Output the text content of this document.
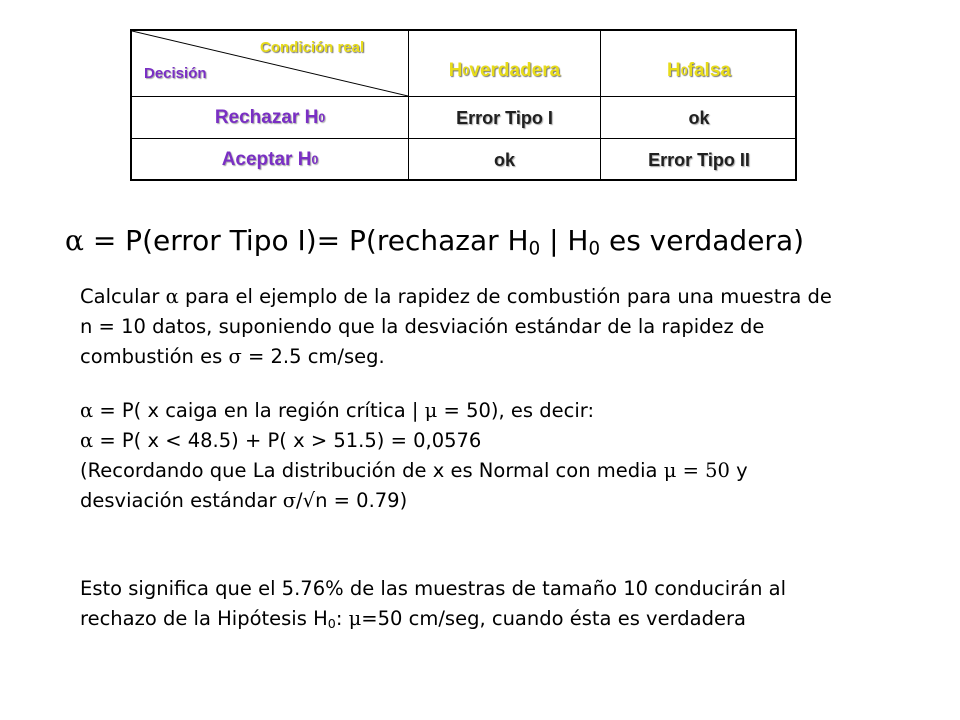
Condición real
Decisión	H 0 verdadera	H 0 falsa
Rechazar H 0	Error Tipo I	ok
Aceptar H 0	ok	Error Tipo II
α = P(error Tipo I)= P(rechazar $H_0$ | $H_0$ es verdadera)
Calcular α para el ejemplo de la rapidez de combustión para una muestra de
n = 10 datos, suponiendo que la desviación estándar de la rapidez de
combustión es σ = 2.5 cm/seg.
α = P( x caiga en la región crítica | μ = 50), es decir:
α = P( x < 48.5) + P( x > 51.5) = 0,0576
(Recordando que La distribución de x es Normal con media μ = 50 y
desviación estándar σ/√n = 0.79)
Esto significa que el 5.76% de las muestras de tamaño 10 conducirán al
rechazo de la Hipótesis $H_0$: μ=50 cm/seg, cuando ésta es verdadera
